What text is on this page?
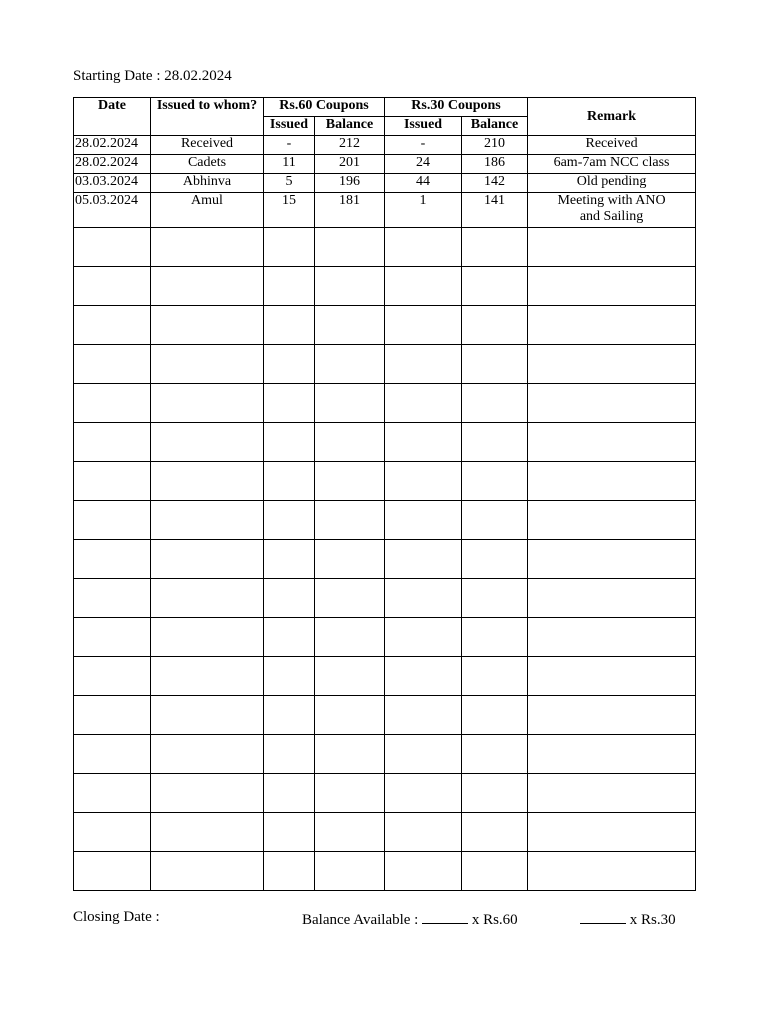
Starting Date : 28.02.2024
Date	Issued to whom?	Rs.60 Coupons		Rs.30 Coupons		Remark
		Issued	Balance	Issued	Balance	
28.02.2024	Received	-	212	-	210	Received
28.02.2024	Cadets	11	201	24	186	6am-7am NCC class
03.03.2024	Abhinva	5	196	44	142	Old pending
05.03.2024	Amul	15	181	1	141	Meeting with ANO
and Sailing

Closing Date :	Balance Available :	x Rs.60	x Rs.30
